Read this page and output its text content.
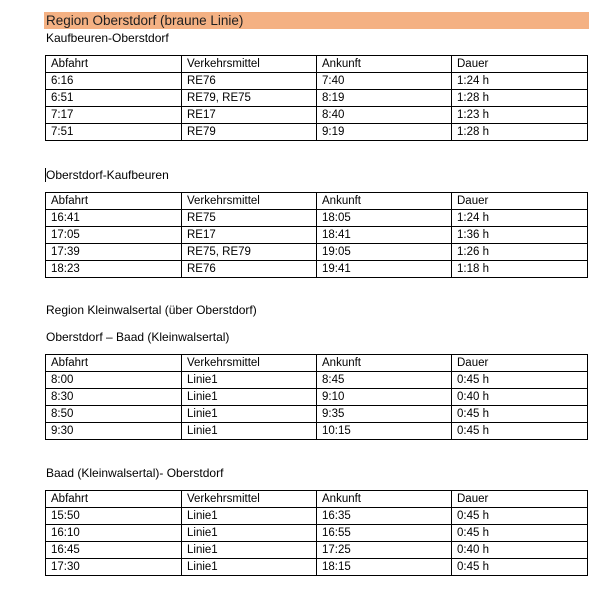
Region Oberstdorf (braune Linie)
Kaufbeuren-Oberstdorf
Abfahrt	Verkehrsmittel	Ankunft	Dauer
6:16	RE76	7:40	1:24 h
6:51	RE79, RE75	8:19	1:28 h
7:17	RE17	8:40	1:23 h
7:51	RE79	9:19	1:28 h
Oberstdorf-Kaufbeuren
Abfahrt	Verkehrsmittel	Ankunft	Dauer
16:41	RE75	18:05	1:24 h
17:05	RE17	18:41	1:36 h
17:39	RE75, RE79	19:05	1:26 h
18:23	RE76	19:41	1:18 h
Region Kleinwalsertal (über Oberstdorf)
Oberstdorf – Baad (Kleinwalsertal)
Abfahrt	Verkehrsmittel	Ankunft	Dauer
8:00	Linie1	8:45	0:45 h
8:30	Linie1	9:10	0:40 h
8:50	Linie1	9:35	0:45 h
9:30	Linie1	10:15	0:45 h
Baad (Kleinwalsertal)- Oberstdorf
Abfahrt	Verkehrsmittel	Ankunft	Dauer
15:50	Linie1	16:35	0:45 h
16:10	Linie1	16:55	0:45 h
16:45	Linie1	17:25	0:40 h
17:30	Linie1	18:15	0:45 h
